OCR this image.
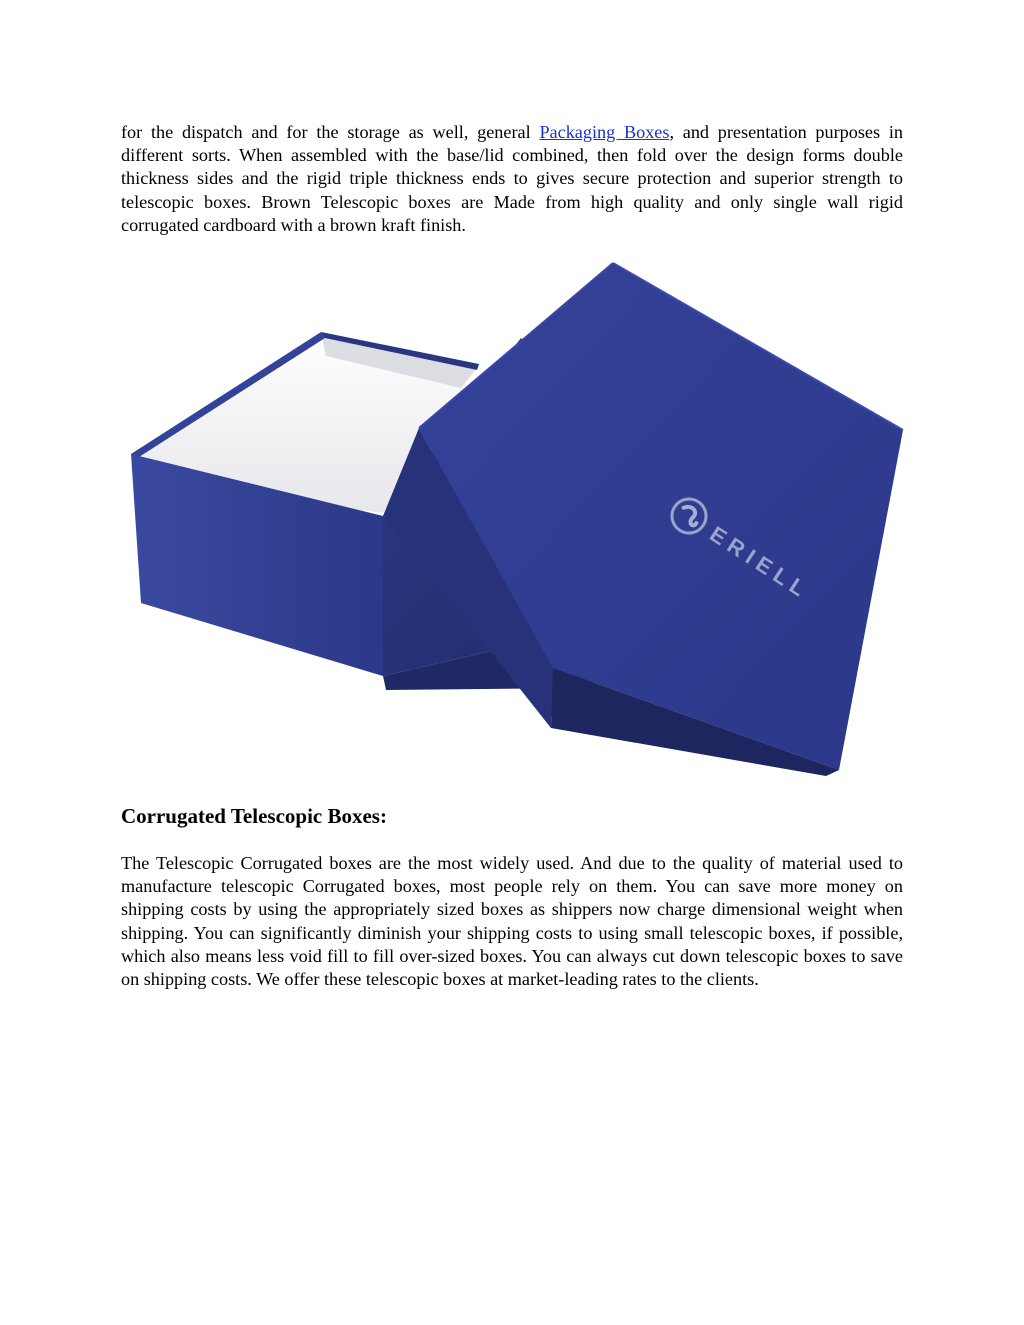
for the dispatch and for the storage as well, general Packaging Boxes, and presentation purposes in different sorts. When assembled with the base/lid combined, then fold over the design forms double thickness sides and the rigid triple thickness ends to gives secure protection and superior strength to telescopic boxes. Brown Telescopic boxes are Made from high quality and only single wall rigid corrugated cardboard with a brown kraft finish.

ERIELL
Corrugated Telescopic Boxes:

The Telescopic Corrugated boxes are the most widely used. And due to the quality of material used to manufacture telescopic Corrugated boxes, most people rely on them. You can save more money on shipping costs by using the appropriately sized boxes as shippers now charge dimensional weight when shipping. You can significantly diminish your shipping costs to using small telescopic boxes, if possible, which also means less void fill to fill over-sized boxes. You can always cut down telescopic boxes to save on shipping costs. We offer these telescopic boxes at market-leading rates to the clients.
